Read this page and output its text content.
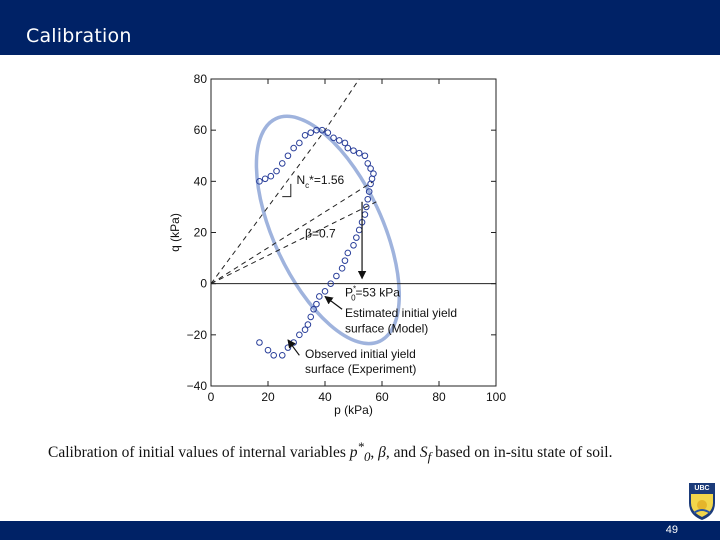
Calibration
0	20	40	60	80	100
−40
−20
0
20
40
60
80
p (kPa)
q (kPa)
$N_c*=1.56$
β=0.7
P* 0=53 kPa
Estimated initial yield
surface (Model)
Observed initial yield
surface (Experiment)
Calibration of initial values of internal variables $p^*_0$, β, and $S_f$ based on in-situ state of soil.
UBC
49
